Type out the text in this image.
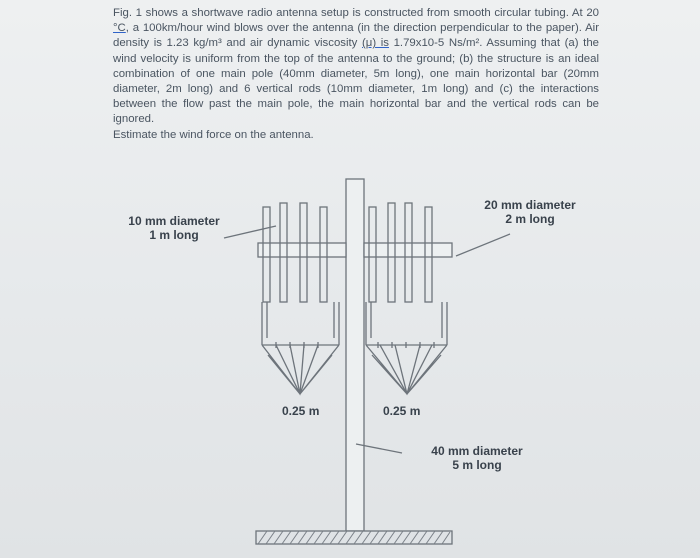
Fig. 1 shows a shortwave radio antenna setup is constructed from smooth circular tubing. At 20 °C, a 100km/hour wind blows over the antenna (in the direction perpendicular to the paper). Air density is 1.23 kg/m³ and air dynamic viscosity (μ) is 1.79x10-5 Ns/m². Assuming that (a) the wind velocity is uniform from the top of the antenna to the ground; (b) the structure is an ideal combination of one main pole (40mm diameter, 5m long), one main horizontal bar (20mm diameter, 2m long) and 6 vertical rods (10mm diameter, 1m long) and (c) the interactions between the flow past the main pole, the main horizontal bar and the vertical rods can be ignored.

Estimate the wind force on the antenna.

10 mm diameter
1 m long
20 mm diameter
2 m long
0.25 m	0.25 m
40 mm diameter
5 m long
